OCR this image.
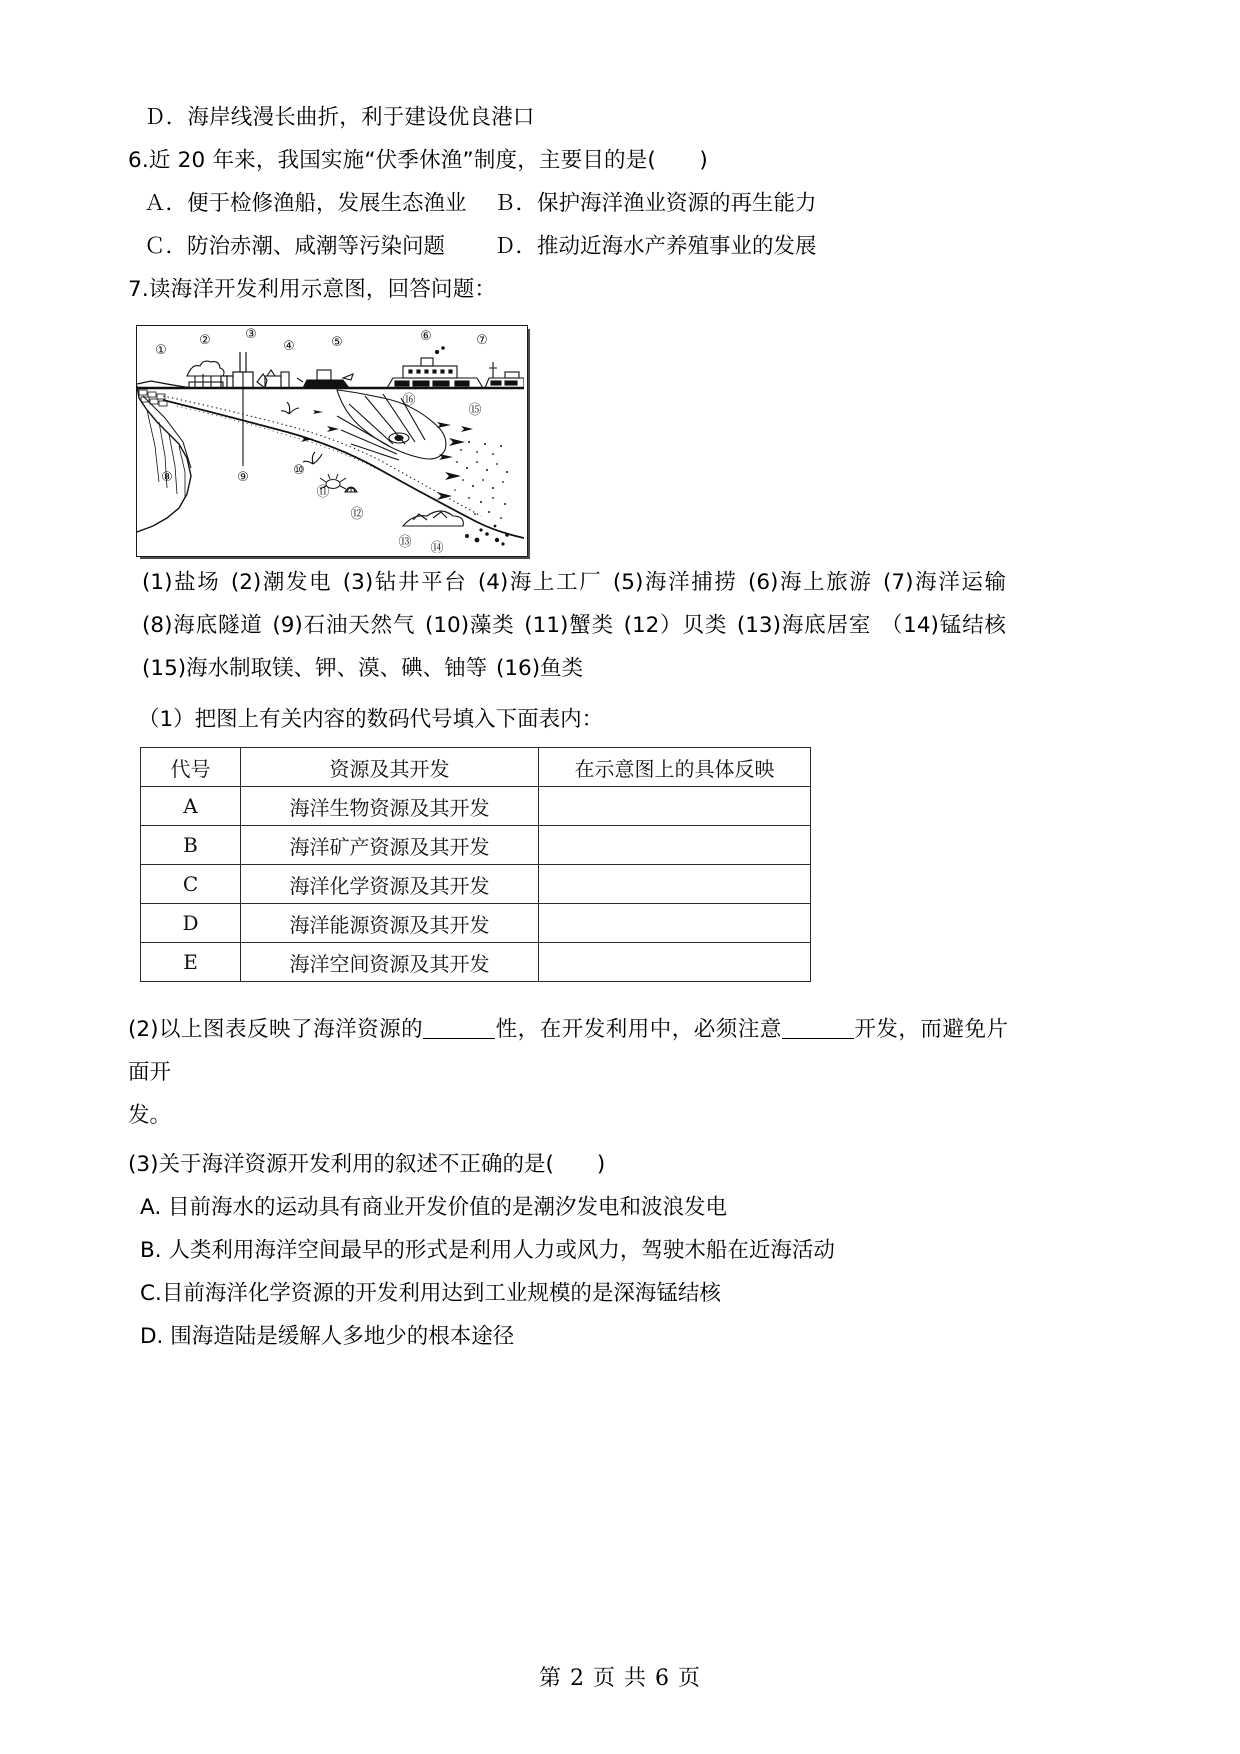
Ｄ．海岸线漫长曲折，利于建设优良港口
6.近 20 年来，我国实施“伏季休渔”制度，主要目的是(　　)
Ａ．便于检修渔船，发展生态渔业	Ｂ．保护海洋渔业资源的再生能力
Ｃ．防治赤潮、咸潮等污染问题	Ｄ．推动近海水产养殖事业的发展
7.读海洋开发利用示意图，回答问题：
①
②	③
④	⑤	⑥	⑦
⑧	⑨	⑩
⑪
⑫
⑬ ⑭
⑮
⑯
(1)盐场 (2)潮发电 (3)钻井平台 (4)海上工厂 (5)海洋捕捞 (6)海上旅游 (7)海洋运输 (8)海底隧道 (9)石油天然气 (10)藻类 (11)蟹类 (12）贝类 (13)海底居室 （14)锰结核 (15)海水制取镁、钾、漠、碘、铀等 (16)鱼类
（1）把图上有关内容的数码代号填入下面表内：
代号	资源及其开发	在示意图上的具体反映
A	海洋生物资源及其开发	
B	海洋矿产资源及其开发	
C	海洋化学资源及其开发	
D	海洋能源资源及其开发	
E	海洋空间资源及其开发	
(2)以上图表反映了海洋资源的	性，在开发利用中，必须注意	开发，而避免片面开
发。
(3)关于海洋资源开发利用的叙述不正确的是(　　)
A. 目前海水的运动具有商业开发价值的是潮汐发电和波浪发电
B. 人类利用海洋空间最早的形式是利用人力或风力，驾驶木船在近海活动
C.目前海洋化学资源的开发利用达到工业规模的是深海锰结核
D. 围海造陆是缓解人多地少的根本途径
第 2 页 共 6 页
